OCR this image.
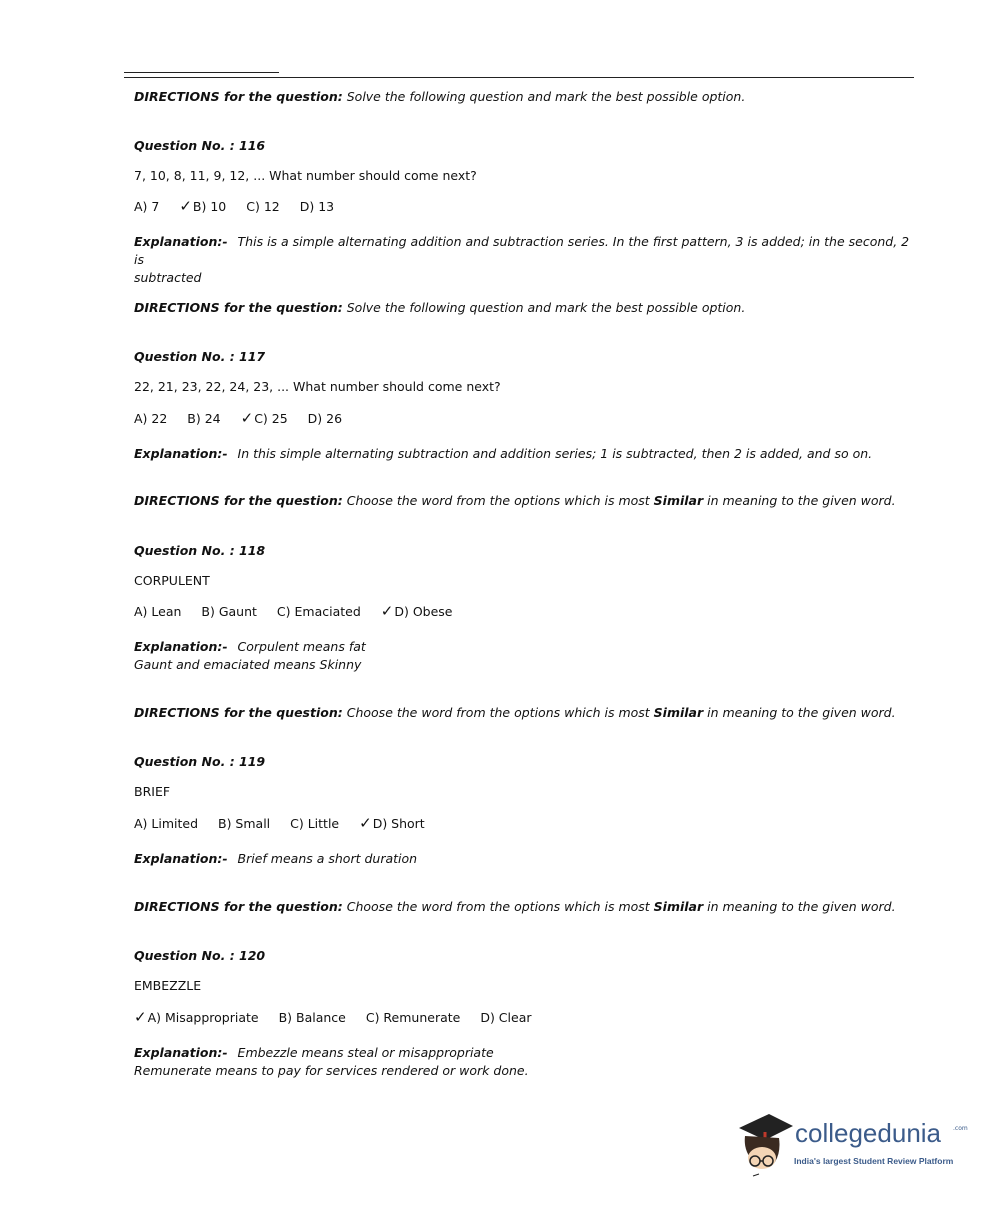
DIRECTIONS for the question: Solve the following question and mark the best possible option.
Question No. : 116
7, 10, 8, 11, 9, 12, ... What number should come next?
A) 7 ✓B) 10 C) 12 D) 13
Explanation:- This is a simple alternating addition and subtraction series. In the first pattern, 3 is added; in the second, 2 is
subtracted
DIRECTIONS for the question: Solve the following question and mark the best possible option.
Question No. : 117
22, 21, 23, 22, 24, 23, ... What number should come next?
A) 22 B) 24 ✓C) 25 D) 26
Explanation:- In this simple alternating subtraction and addition series; 1 is subtracted, then 2 is added, and so on.
DIRECTIONS for the question: Choose the word from the options which is most Similar in meaning to the given word.
Question No. : 118
CORPULENT
A) Lean B) Gaunt C) Emaciated ✓D) Obese
Explanation:- Corpulent means fat
Gaunt and emaciated means Skinny
DIRECTIONS for the question: Choose the word from the options which is most Similar in meaning to the given word.
Question No. : 119
BRIEF
A) Limited B) Small C) Little ✓D) Short
Explanation:- Brief means a short duration
DIRECTIONS for the question: Choose the word from the options which is most Similar in meaning to the given word.
Question No. : 120
EMBEZZLE
✓A) Misappropriate B) Balance C) Remunerate D) Clear
Explanation:- Embezzle means steal or misappropriate
Remunerate means to pay for services rendered or work done.
collegedunia .com
India's largest Student Review Platform
